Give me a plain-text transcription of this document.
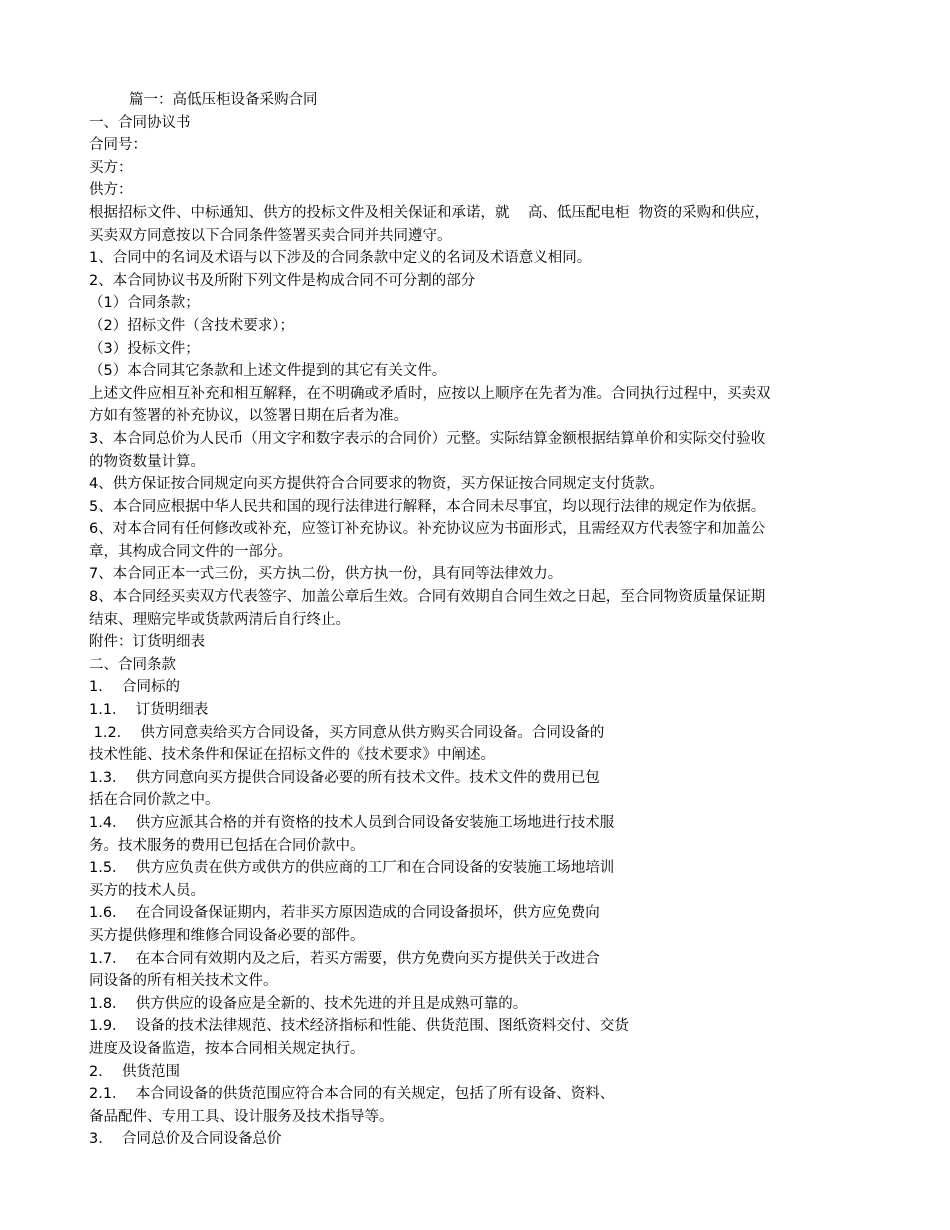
篇一：高低压柜设备采购合同

一、合同协议书

合同号：

买方：

供方：

根据招标文件、中标通知、供方的投标文件及相关保证和承诺，就    高、低压配电柜  物资的采购和供应，

买卖双方同意按以下合同条件签署买卖合同并共同遵守。

1、合同中的名词及术语与以下涉及的合同条款中定义的名词及术语意义相同。

2、本合同协议书及所附下列文件是构成合同不可分割的部分

（1）合同条款；

（2）招标文件（含技术要求）；

（3）投标文件；

（5）本合同其它条款和上述文件提到的其它有关文件。

上述文件应相互补充和相互解释，在不明确或矛盾时，应按以上顺序在先者为准。合同执行过程中，买卖双

方如有签署的补充协议，以签署日期在后者为准。

3、本合同总价为人民币（用文字和数字表示的合同价）元整。实际结算金额根据结算单价和实际交付验收

的物资数量计算。

4、供方保证按合同规定向买方提供符合合同要求的物资，买方保证按合同规定支付货款。

5、本合同应根据中华人民共和国的现行法律进行解释，本合同未尽事宜，均以现行法律的规定作为依据。

6、对本合同有任何修改或补充，应签订补充协议。补充协议应为书面形式，且需经双方代表签字和加盖公

章，其构成合同文件的一部分。

7、本合同正本一式三份，买方执二份，供方执一份，具有同等法律效力。

8、本合同经买卖双方代表签字、加盖公章后生效。合同有效期自合同生效之日起，至合同物资质量保证期

结束、理赔完毕或货款两清后自行终止。

附件：订货明细表

二、合同条款

1．  合同标的

1.1．  订货明细表

1.2．  供方同意卖给买方合同设备，买方同意从供方购买合同设备。合同设备的

技术性能、技术条件和保证在招标文件的《技术要求》中阐述。

1.3．  供方同意向买方提供合同设备必要的所有技术文件。技术文件的费用已包

括在合同价款之中。

1.4．  供方应派其合格的并有资格的技术人员到合同设备安装施工场地进行技术服

务。技术服务的费用已包括在合同价款中。

1.5．  供方应负责在供方或供方的供应商的工厂和在合同设备的安装施工场地培训

买方的技术人员。

1.6．  在合同设备保证期内，若非买方原因造成的合同设备损坏，供方应免费向

买方提供修理和维修合同设备必要的部件。

1.7．  在本合同有效期内及之后，若买方需要，供方免费向买方提供关于改进合

同设备的所有相关技术文件。

1.8．  供方供应的设备应是全新的、技术先进的并且是成熟可靠的。

1.9．  设备的技术法律规范、技术经济指标和性能、供货范围、图纸资料交付、交货

进度及设备监造，按本合同相关规定执行。

2．  供货范围

2.1．  本合同设备的供货范围应符合本合同的有关规定，包括了所有设备、资料、

备品配件、专用工具、设计服务及技术指导等。

3．  合同总价及合同设备总价
